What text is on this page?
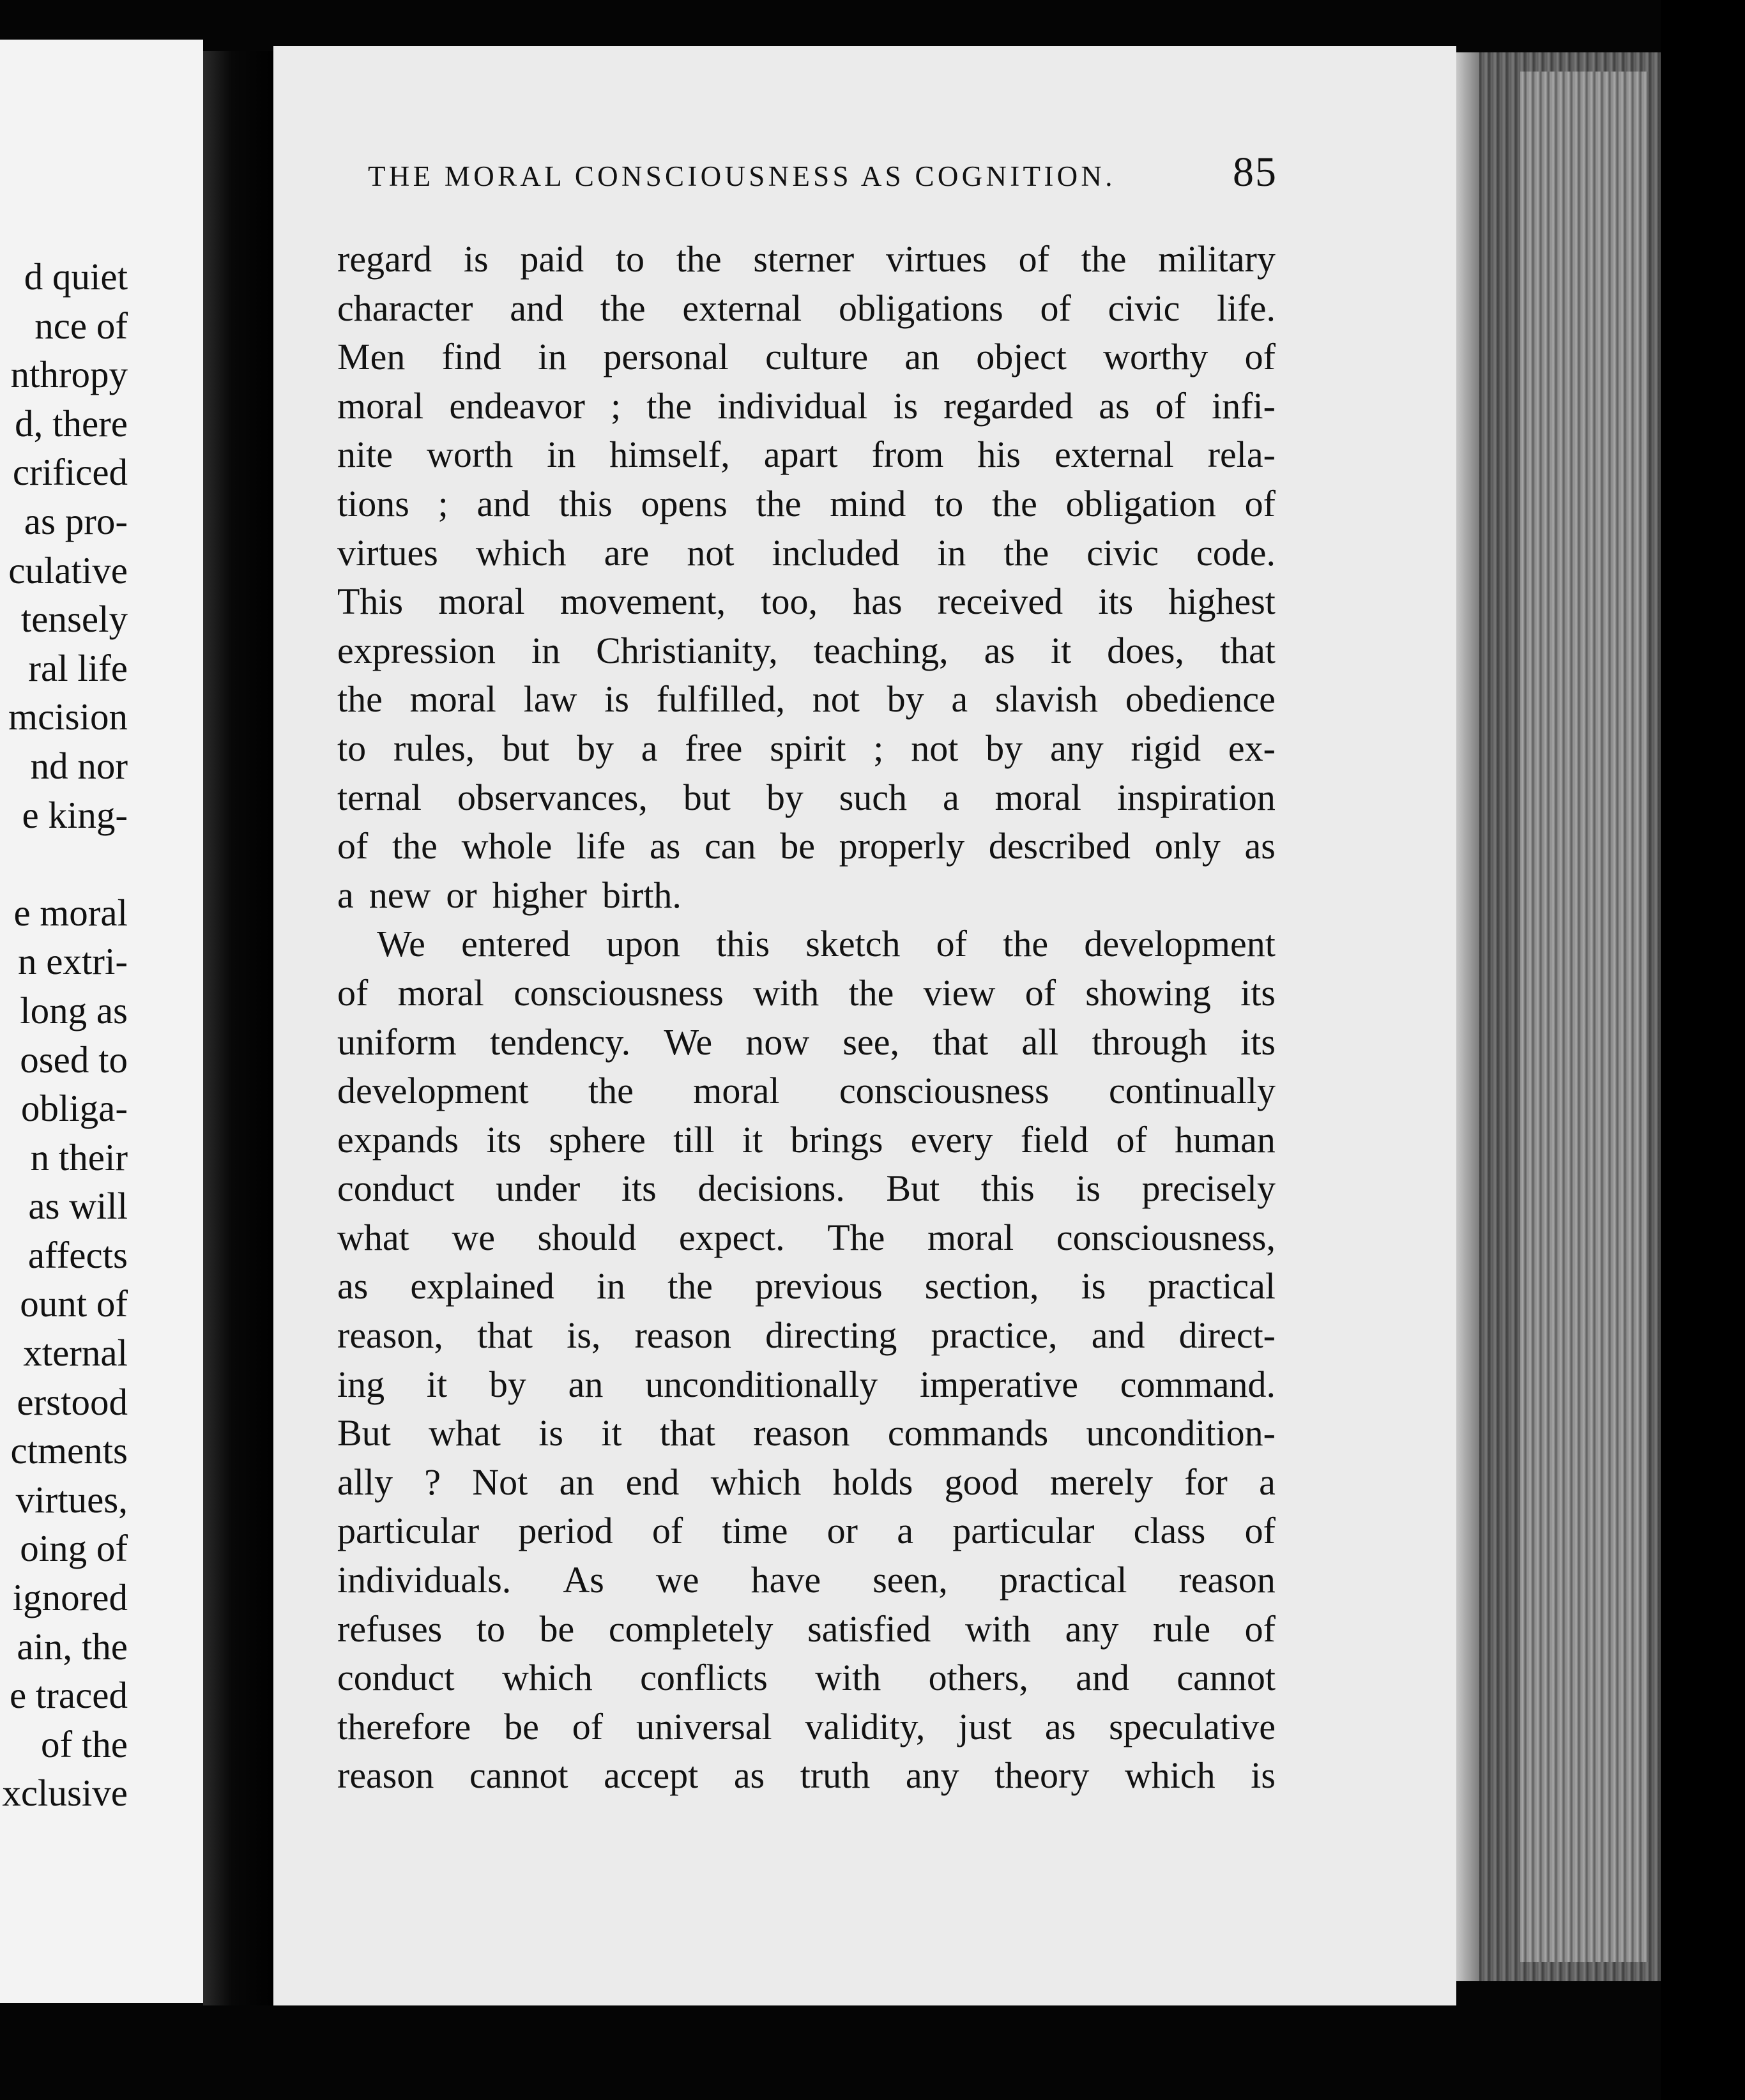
d quiet
nce of
nthropy
d, there
crificed
as pro-
culative
tensely
ral life
mcision
nd nor
e king-
e moral
n extri-
long as
osed to
obliga-
n their
as will
affects
ount of
xternal
erstood
ctments
virtues,
oing of
ignored
ain, the
e traced
of the
xclusive
THE MORAL CONSCIOUSNESS AS COGNITION.	85
regard is paid to the sterner virtues of the military
character and the external obligations of civic life.
Men find in personal culture an object worthy of
moral endeavor ; the individual is regarded as of infi-
nite worth in himself, apart from his external rela-
tions ; and this opens the mind to the obligation of
virtues which are not included in the civic code.
This moral movement, too, has received its highest
expression in Christianity, teaching, as it does, that
the moral law is fulfilled, not by a slavish obedience
to rules, but by a free spirit ; not by any rigid ex-
ternal observances, but by such a moral inspiration
of the whole life as can be properly described only as
a new or higher birth.
We entered upon this sketch of the development
of moral consciousness with the view of showing its
uniform tendency. We now see, that all through its
development the moral consciousness continually
expands its sphere till it brings every field of human
conduct under its decisions. But this is precisely
what we should expect. The moral consciousness,
as explained in the previous section, is practical
reason, that is, reason directing practice, and direct-
ing it by an unconditionally imperative command.
But what is it that reason commands uncondition-
ally ? Not an end which holds good merely for a
particular period of time or a particular class of
individuals. As we have seen, practical reason
refuses to be completely satisfied with any rule of
conduct which conflicts with others, and cannot
therefore be of universal validity, just as speculative
reason cannot accept as truth any theory which is
